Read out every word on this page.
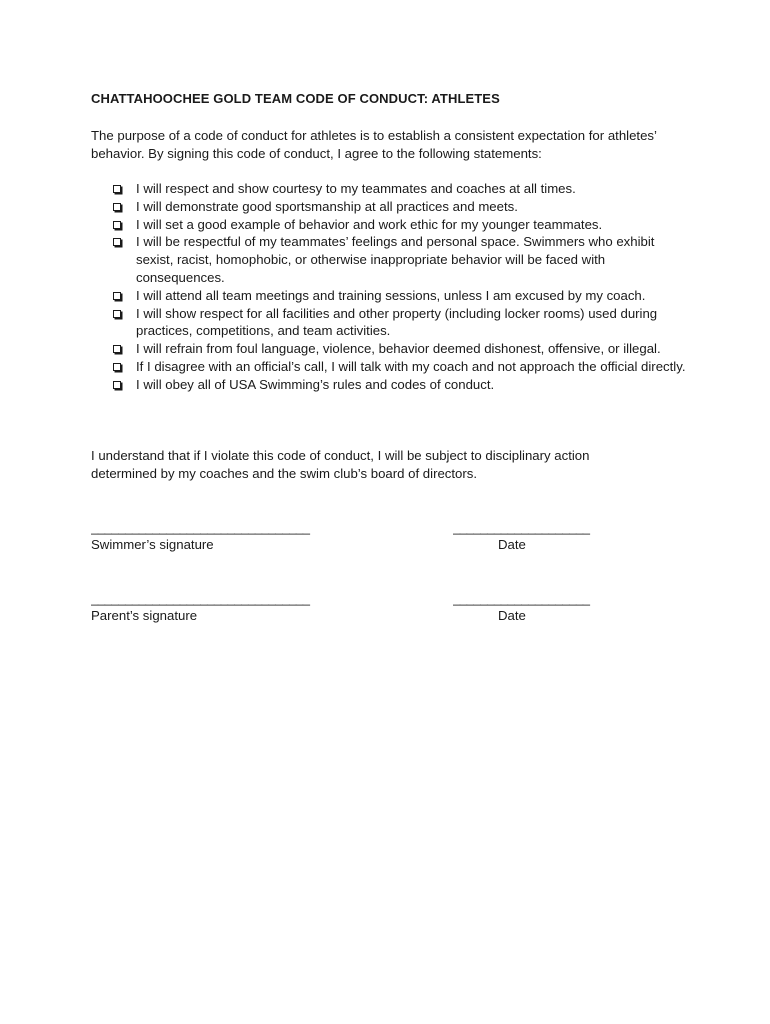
CHATTAHOOCHEE GOLD TEAM CODE OF CONDUCT: ATHLETES
The purpose of a code of conduct for athletes is to establish a consistent expectation for athletes’ behavior. By signing this code of conduct, I agree to the following statements:
I will respect and show courtesy to my teammates and coaches at all times.
I will demonstrate good sportsmanship at all practices and meets.
I will set a good example of behavior and work ethic for my younger teammates.
I will be respectful of my teammates’ feelings and personal space. Swimmers who exhibit sexist, racist, homophobic, or otherwise inappropriate behavior will be faced with consequences.
I will attend all team meetings and training sessions, unless I am excused by my coach.
I will show respect for all facilities and other property (including locker rooms) used during practices, competitions, and team activities.
I will refrain from foul language, violence, behavior deemed dishonest, offensive, or illegal.
If I disagree with an official’s call, I will talk with my coach and not approach the official directly.
I will obey all of USA Swimming’s rules and codes of conduct.
I understand that if I violate this code of conduct, I will be subject to disciplinary action determined by my coaches and the swim club’s board of directors.
________________________________
Swimmer’s signature
____________________
Date
________________________________
Parent’s signature
____________________
Date
